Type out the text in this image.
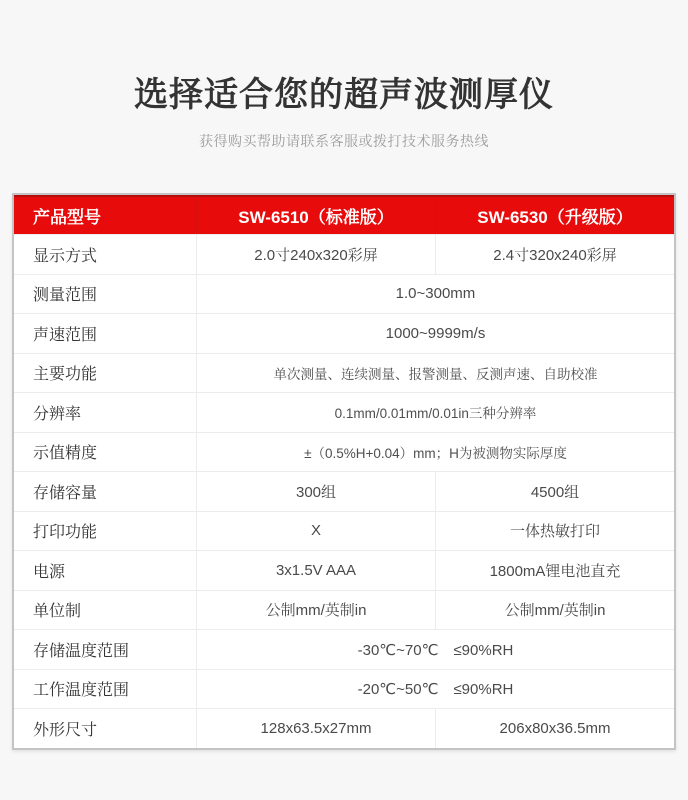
选择适合您的超声波测厚仪

获得购买帮助请联系客服或拨打技术服务热线

产品型号	SW-6510（标准版）	SW-6530（升级版）
显示方式	2.0寸240x320彩屏	2.4寸320x240彩屏
测量范围	1.0~300mm
声速范围	1000~9999m/s
主要功能	单次测量、连续测量、报警测量、反测声速、自助校准
分辨率	0.1mm/0.01mm/0.01in三种分辨率
示值精度	±（0.5%H+0.04）mm；H为被测物实际厚度
存储容量	300组	4500组
打印功能	X	一体热敏打印
电源	3x1.5V AAA	1800mA锂电池直充
单位制	公制mm/英制in	公制mm/英制in
存储温度范围	-30℃~70℃　≤90%RH
工作温度范围	-20℃~50℃　≤90%RH
外形尺寸	128x63.5x27mm	206x80x36.5mm
